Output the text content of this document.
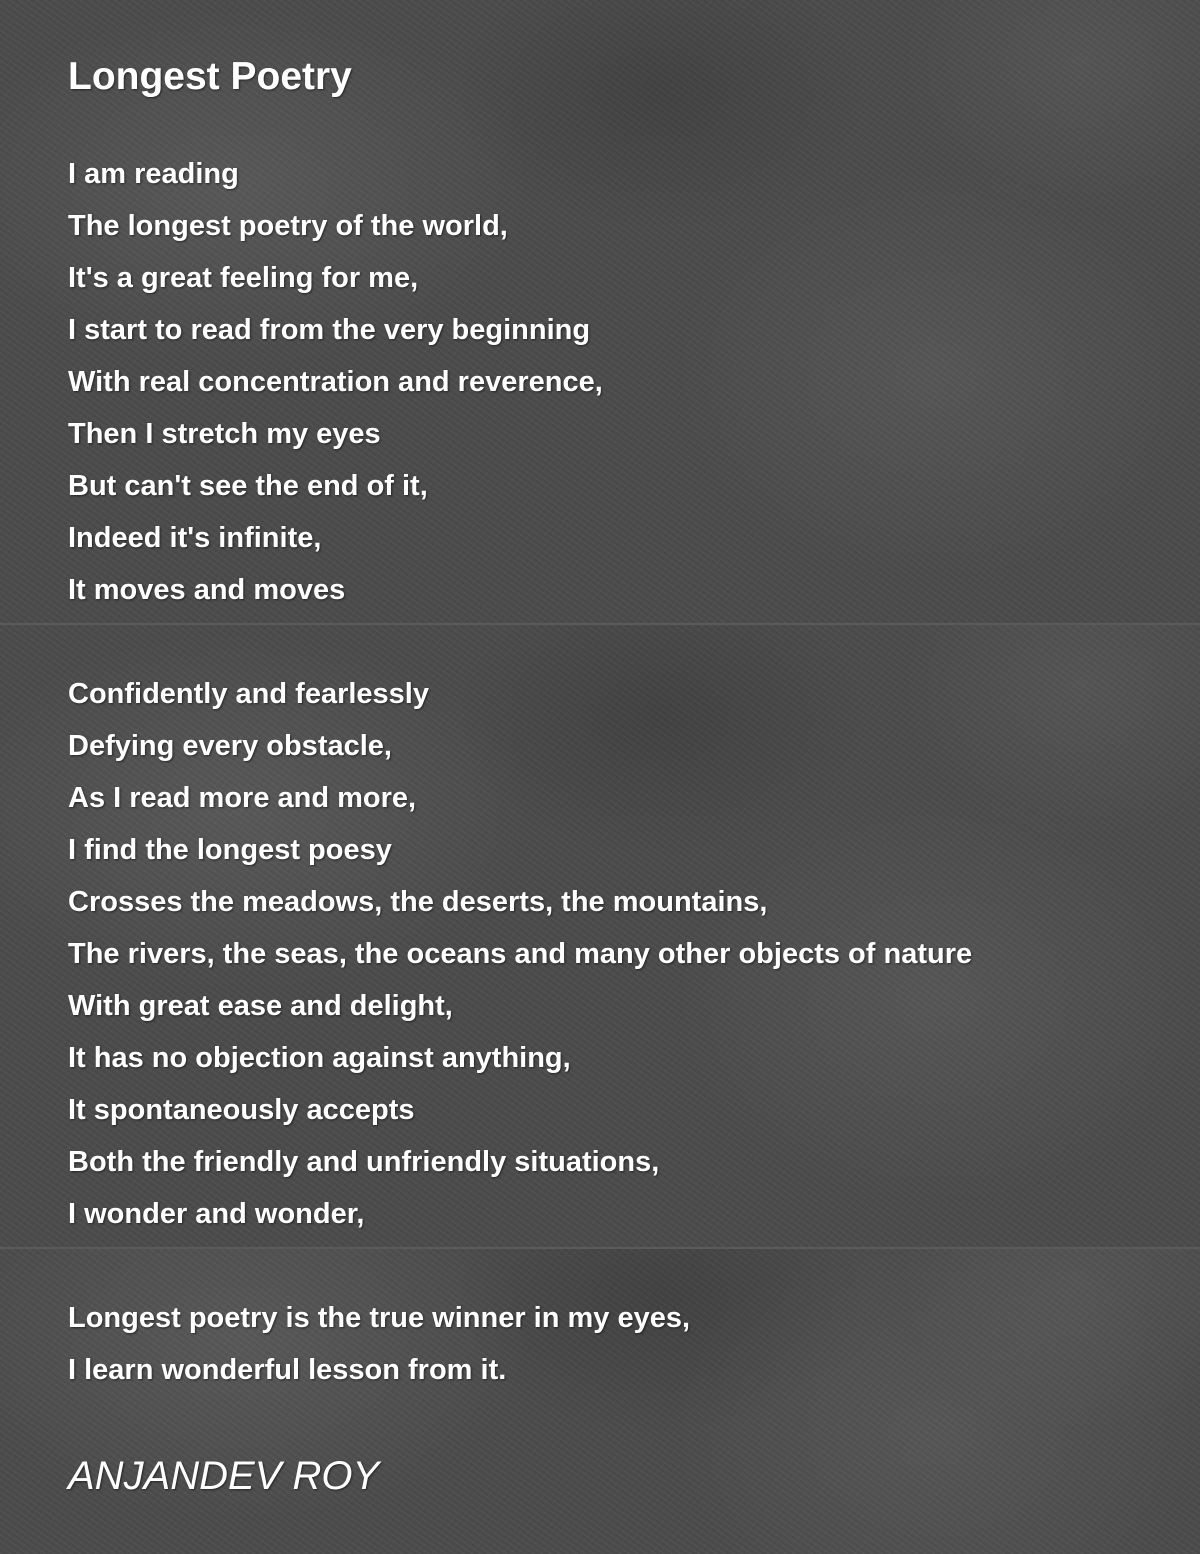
Longest Poetry
I am reading
The longest poetry of the world,
It's a great feeling for me,
I start to read from the very beginning
With real concentration and reverence,
Then I stretch my eyes
But can't see the end of it,
Indeed it's infinite,
It moves and moves
Confidently and fearlessly
Defying every obstacle,
As I read more and more,
I find the longest poesy
Crosses the meadows, the deserts, the mountains,
The rivers, the seas, the oceans and many other objects of nature
With great ease and delight,
It has no objection against anything,
It spontaneously accepts
Both the friendly and unfriendly situations,
I wonder and wonder,
Longest poetry is the true winner in my eyes,
I learn wonderful lesson from it.

ANJANDEV ROY
